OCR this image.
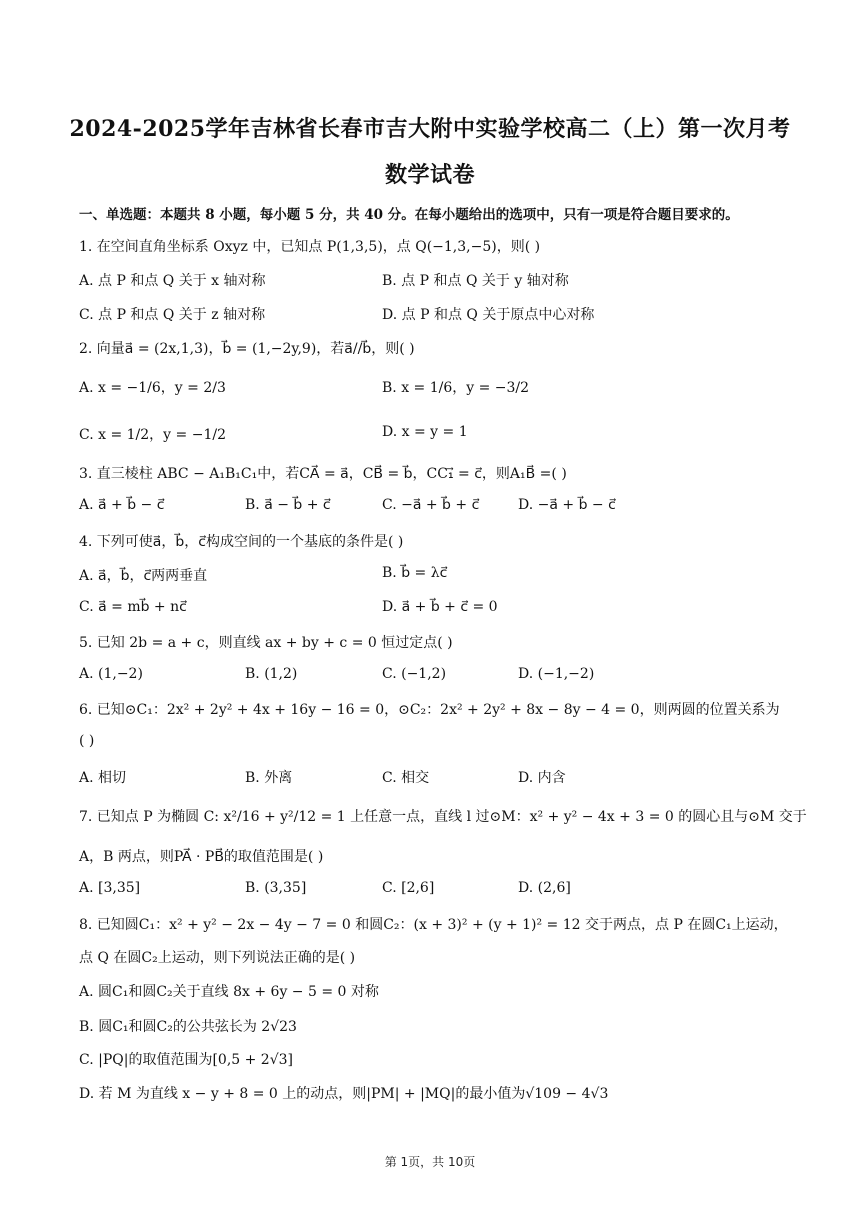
2024-2025学年吉林省长春市吉大附中实验学校高二（上）第一次月考
数学试卷
一、单选题：本题共 8 小题，每小题 5 分，共 40 分。在每小题给出的选项中，只有一项是符合题目要求的。
1. 在空间直角坐标系 Oxyz 中，已知点 P(1,3,5)，点 Q(−1,3,−5)，则( )
A. 点 P 和点 Q 关于 x 轴对称	B. 点 P 和点 Q 关于 y 轴对称
C. 点 P 和点 Q 关于 z 轴对称	D. 点 P 和点 Q 关于原点中心对称
2. 向量a⃗ = (2x,1,3)，b⃗ = (1,−2y,9)，若a⃗//b⃗，则( )
A. x = −1/6，y = 2/3	B. x = 1/6，y = −3/2
C. x = 1/2，y = −1/2	D. x = y = 1
3. 直三棱柱 ABC − A₁B₁C₁中，若CA⃗ = a⃗，CB⃗ = b⃗，CC₁⃗ = c⃗，则A₁B⃗ =( )
A. a⃗ + b⃗ − c⃗	B. a⃗ − b⃗ + c⃗	C. −a⃗ + b⃗ + c⃗	D. −a⃗ + b⃗ − c⃗
4. 下列可使a⃗，b⃗，c⃗构成空间的一个基底的条件是( )
A. a⃗，b⃗，c⃗两两垂直	B. b⃗ = λc⃗
C. a⃗ = mb⃗ + nc⃗	D. a⃗ + b⃗ + c⃗ = 0
5. 已知 2b = a + c，则直线 ax + by + c = 0 恒过定点( )
A. (1,−2)	B. (1,2)	C. (−1,2)	D. (−1,−2)
6. 已知⊙C₁：2x² + 2y² + 4x + 16y − 16 = 0，⊙C₂：2x² + 2y² + 8x − 8y − 4 = 0，则两圆的位置关系为
( )
A. 相切	B. 外离	C. 相交	D. 内含
7. 已知点 P 为椭圆 C: x²/16 + y²/12 = 1 上任意一点，直线 l 过⊙M：x² + y² − 4x + 3 = 0 的圆心且与⊙M 交于
A，B 两点，则PA⃗ · PB⃗的取值范围是( )
A. [3,35]	B. (3,35]	C. [2,6]	D. (2,6]
8. 已知圆C₁：x² + y² − 2x − 4y − 7 = 0 和圆C₂：(x + 3)² + (y + 1)² = 12 交于两点，点 P 在圆C₁上运动，
点 Q 在圆C₂上运动，则下列说法正确的是( )
A. 圆C₁和圆C₂关于直线 8x + 6y − 5 = 0 对称
B. 圆C₁和圆C₂的公共弦长为 2√23
C. |PQ|的取值范围为[0,5 + 2√3]
D. 若 M 为直线 x − y + 8 = 0 上的动点，则|PM| + |MQ|的最小值为√109 − 4√3
第 1页，共 10页
